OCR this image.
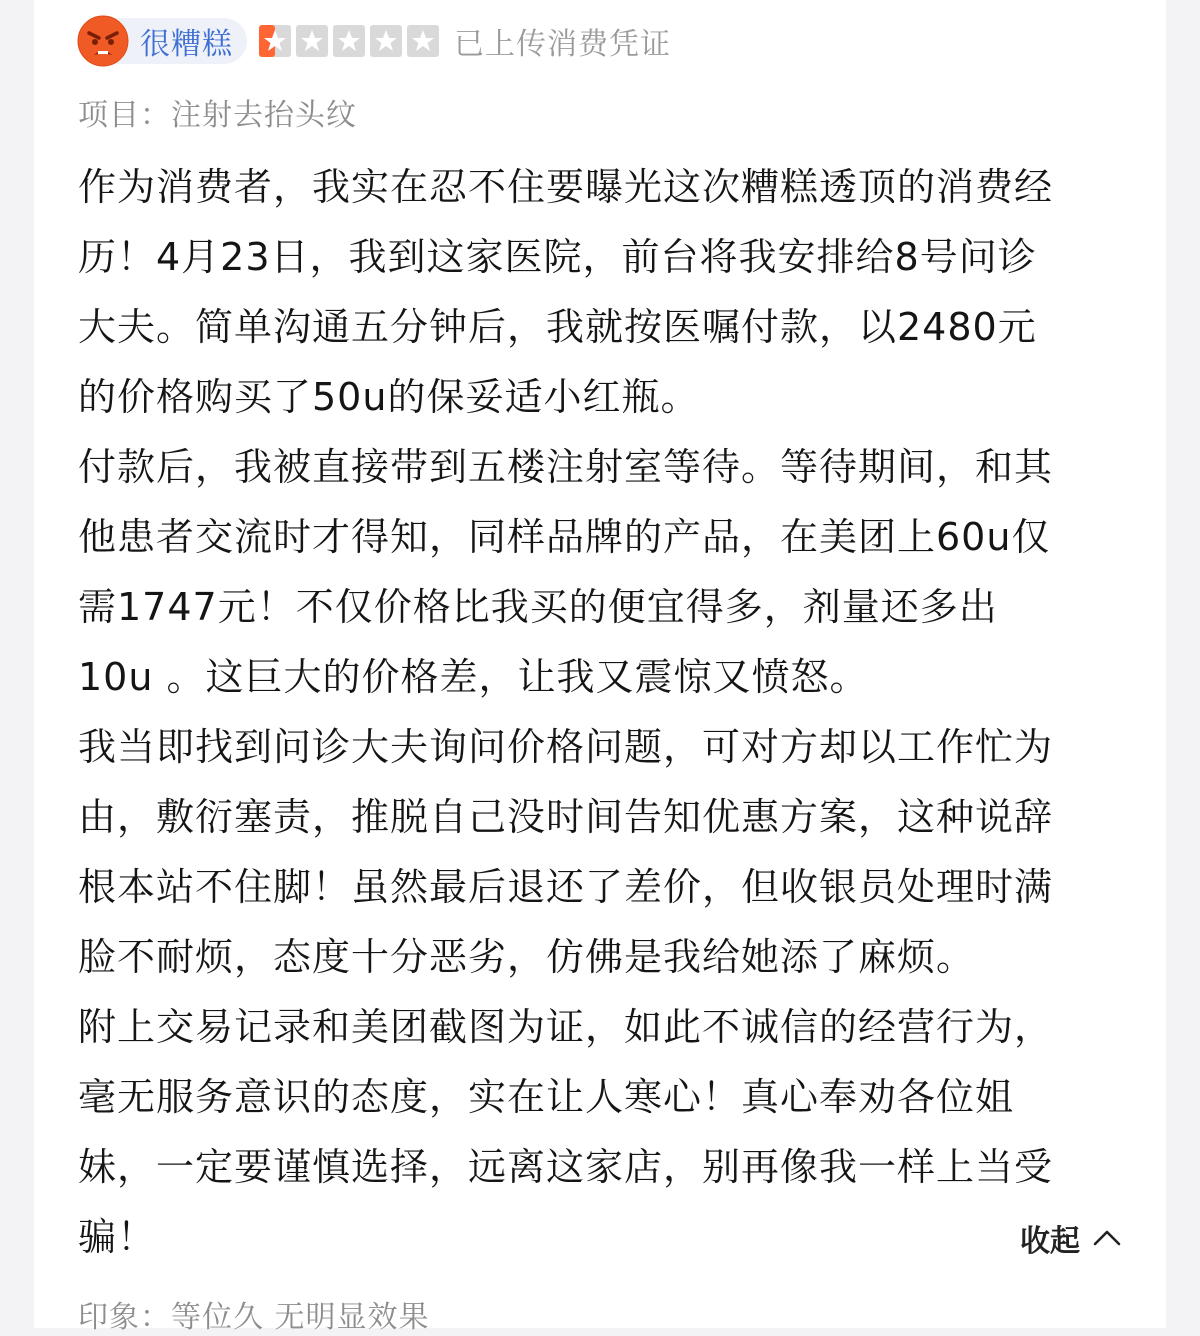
很糟糕	已上传消费凭证
项目：注射去抬头纹

作为消费者，我实在忍不住要曝光这次糟糕透顶的消费经
历！4月23日，我到这家医院，前台将我安排给8号问诊
大夫。简单沟通五分钟后，我就按医嘱付款，以2480元
的价格购买了50u的保妥适小红瓶。

付款后，我被直接带到五楼注射室等待。等待期间，和其
他患者交流时才得知，同样品牌的产品，在美团上60u仅
需1747元！不仅价格比我买的便宜得多，剂量还多出
10u 。这巨大的价格差，让我又震惊又愤怒。

我当即找到问诊大夫询问价格问题，可对方却以工作忙为
由，敷衍塞责，推脱自己没时间告知优惠方案，这种说辞
根本站不住脚！虽然最后退还了差价，但收银员处理时满
脸不耐烦，态度十分恶劣，仿佛是我给她添了麻烦。

附上交易记录和美团截图为证，如此不诚信的经营行为，
毫无服务意识的态度，实在让人寒心！真心奉劝各位姐
妹，一定要谨慎选择，远离这家店，别再像我一样上当受
骗！	收起
印象：等位久 无明显效果
